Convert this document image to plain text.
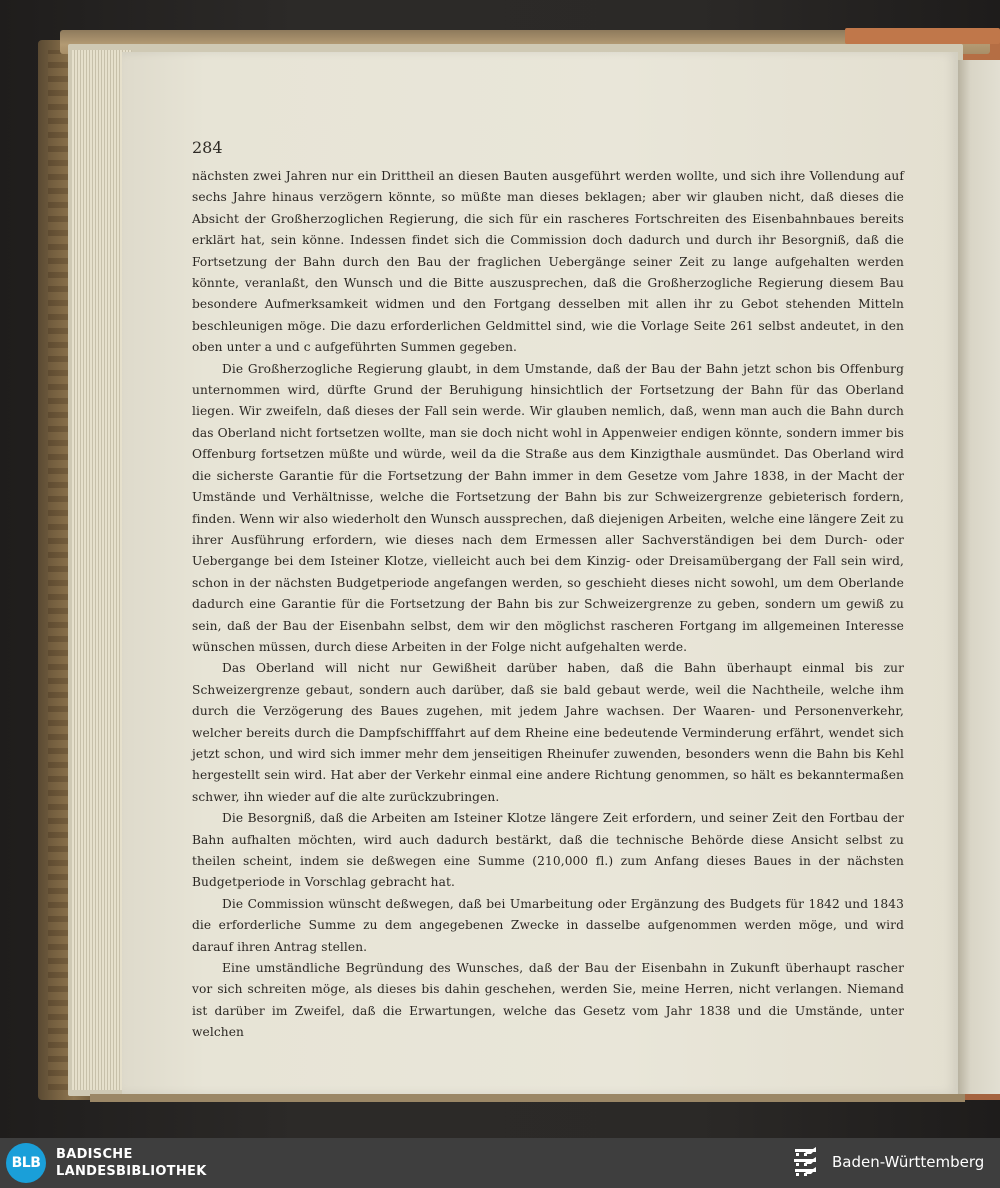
284

nächsten zwei Jahren nur ein Drittheil an diesen Bauten ausgeführt werden wollte, und sich ihre Vollendung auf sechs Jahre hinaus verzögern könnte, so müßte man dieses beklagen; aber wir glauben nicht, daß dieses die Absicht der Großherzoglichen Regierung, die sich für ein rascheres Fortschreiten des Eisenbahnbaues bereits erklärt hat, sein könne. Indessen findet sich die Commission doch dadurch und durch ihr Besorgniß, daß die Fortsetzung der Bahn durch den Bau der fraglichen Uebergänge seiner Zeit zu lange aufgehalten werden könnte, veranlaßt, den Wunsch und die Bitte auszusprechen, daß die Großherzogliche Regierung diesem Bau besondere Aufmerksamkeit widmen und den Fortgang desselben mit allen ihr zu Gebot stehenden Mitteln beschleunigen möge. Die dazu erforderlichen Geldmittel sind, wie die Vorlage Seite 261 selbst andeutet, in den oben unter a und c aufgeführten Summen gegeben.

Die Großherzogliche Regierung glaubt, in dem Umstande, daß der Bau der Bahn jetzt schon bis Offenburg unternommen wird, dürfte Grund der Beruhigung hinsichtlich der Fortsetzung der Bahn für das Oberland liegen. Wir zweifeln, daß dieses der Fall sein werde. Wir glauben nemlich, daß, wenn man auch die Bahn durch das Oberland nicht fortsetzen wollte, man sie doch nicht wohl in Appenweier endigen könnte, sondern immer bis Offenburg fortsetzen müßte und würde, weil da die Straße aus dem Kinzigthale ausmündet. Das Oberland wird die sicherste Garantie für die Fortsetzung der Bahn immer in dem Gesetze vom Jahre 1838, in der Macht der Umstände und Verhältnisse, welche die Fortsetzung der Bahn bis zur Schweizergrenze gebieterisch fordern, finden. Wenn wir also wiederholt den Wunsch aussprechen, daß diejenigen Arbeiten, welche eine längere Zeit zu ihrer Ausführung erfordern, wie dieses nach dem Ermessen aller Sachverständigen bei dem Durch- oder Uebergange bei dem Isteiner Klotze, vielleicht auch bei dem Kinzig- oder Dreisamübergang der Fall sein wird, schon in der nächsten Budgetperiode angefangen werden, so geschieht dieses nicht sowohl, um dem Oberlande dadurch eine Garantie für die Fortsetzung der Bahn bis zur Schweizergrenze zu geben, sondern um gewiß zu sein, daß der Bau der Eisenbahn selbst, dem wir den möglichst rascheren Fortgang im allgemeinen Interesse wünschen müssen, durch diese Arbeiten in der Folge nicht aufgehalten werde.

Das Oberland will nicht nur Gewißheit darüber haben, daß die Bahn überhaupt einmal bis zur Schweizergrenze gebaut, sondern auch darüber, daß sie bald gebaut werde, weil die Nachtheile, welche ihm durch die Verzögerung des Baues zugehen, mit jedem Jahre wachsen. Der Waaren- und Personenverkehr, welcher bereits durch die Dampfschifffahrt auf dem Rheine eine bedeutende Verminderung erfährt, wendet sich jetzt schon, und wird sich immer mehr dem jenseitigen Rheinufer zuwenden, besonders wenn die Bahn bis Kehl hergestellt sein wird. Hat aber der Verkehr einmal eine andere Richtung genommen, so hält es bekanntermaßen schwer, ihn wieder auf die alte zurückzubringen.

Die Besorgniß, daß die Arbeiten am Isteiner Klotze längere Zeit erfordern, und seiner Zeit den Fortbau der Bahn aufhalten möchten, wird auch dadurch bestärkt, daß die technische Behörde diese Ansicht selbst zu theilen scheint, indem sie deßwegen eine Summe (210,000 fl.) zum Anfang dieses Baues in der nächsten Budgetperiode in Vorschlag gebracht hat.

Die Commission wünscht deßwegen, daß bei Umarbeitung oder Ergänzung des Budgets für 1842 und 1843 die erforderliche Summe zu dem angegebenen Zwecke in dasselbe aufgenommen werden möge, und wird darauf ihren Antrag stellen.

Eine umständliche Begründung des Wunsches, daß der Bau der Eisenbahn in Zukunft überhaupt rascher vor sich schreiten möge, als dieses bis dahin geschehen, werden Sie, meine Herren, nicht verlangen. Niemand ist darüber im Zweifel, daß die Erwartungen, welche das Gesetz vom Jahr 1838 und die Umstände, unter welchen

BLB
BADISCHE
LANDESBIBLIOTHEK
Baden-Württemberg
